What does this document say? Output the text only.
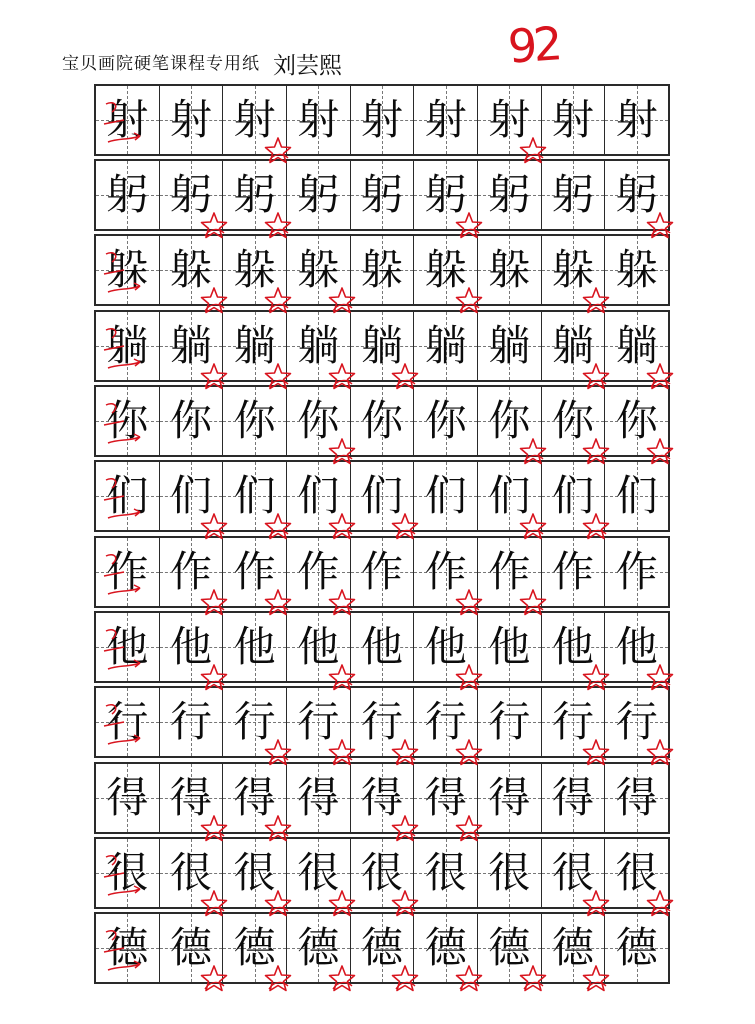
宝贝画院硬笔课程专用纸 刘芸熙	92
射 射 射 射 射 射 射 射 射
躬 躬 躬 躬 躬 躬 躬 躬 躬
躲 躲 躲 躲 躲 躲 躲 躲 躲
躺 躺 躺 躺 躺 躺 躺 躺 躺
你 你 你 你 你 你 你 你 你
们 们 们 们 们 们 们 们 们
作 作 作 作 作 作 作 作 作
他 他 他 他 他 他 他 他 他
行 行 行 行 行 行 行 行 行
得 得 得 得 得 得 得 得 得
很 很 很 很 很 很 很 很 很
德 德 德 德 德 德 德 德 德
